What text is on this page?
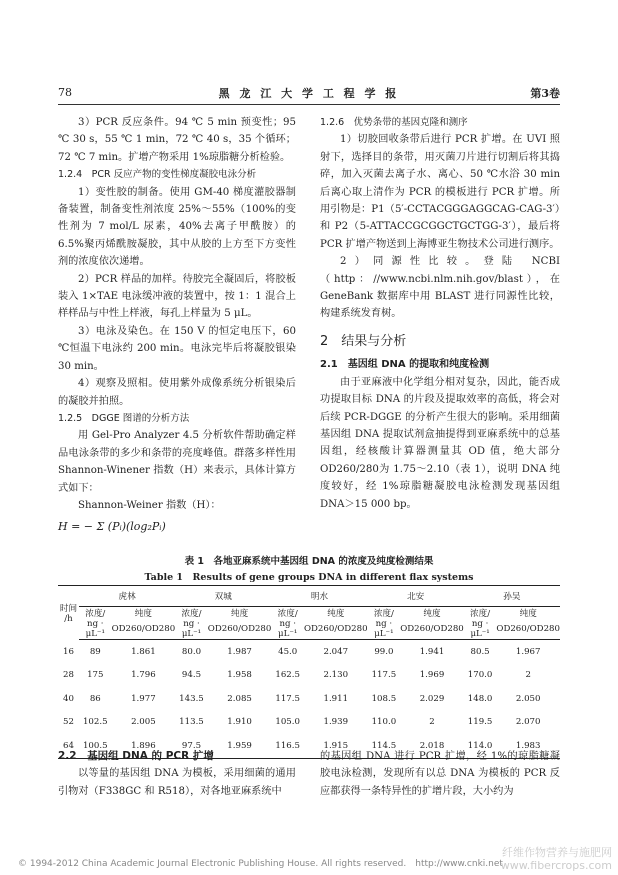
78	黑 龙 江 大 学 工 程 学 报	第3卷

3）PCR 反应条件。94 ℃ 5 min 预变性；95 ℃ 30 s，55 ℃ 1 min，72 ℃ 40 s，35 个循环；72 ℃ 7 min。扩增产物采用 1%琼脂糖分析检验。

1.2.4　PCR 反应产物的变性梯度凝胶电泳分析

1）变性胶的制备。使用 GM-40 梯度灌胶器制备装置，制备变性剂浓度 25%～55%（100%的变性剂为 7 mol/L 尿素，40%去离子甲酰胺）的 6.5%聚丙烯酰胺凝胶，其中从胶的上方至下方变性剂的浓度依次递增。

2）PCR 样品的加样。待胶完全凝固后，将胶板装入 1×TAE 电泳缓冲液的装置中，按 1：1 混合上样样品与中性上样液，每孔上样量为 5 μL。

3）电泳及染色。在 150 V 的恒定电压下，60 ℃恒温下电泳约 200 min。电泳完毕后将凝胶银染 30 min。

4）观察及照相。使用紫外成像系统分析银染后的凝胶并拍照。

1.2.5　DGGE 图谱的分析方法

用 Gel-Pro Analyzer 4.5 分析软件帮助确定样品电泳条带的多少和条带的亮度峰值。群落多样性用 Shannon-Winener 指数（H）来表示，具体计算方式如下：

Shannon-Weiner 指数（H）：

H = − Σ (Pᵢ)(log₂Pᵢ)

1.2.6　优势条带的基因克隆和测序

1）切胶回收条带后进行 PCR 扩增。在 UVI 照射下，选择目的条带，用灭菌刀片进行切割后将其捣碎，加入灭菌去离子水、离心、50 ℃水浴 30 min 后离心取上清作为 PCR 的模板进行 PCR 扩增。所用引物是：P1（5′-CCTACGGGAGGCAG-CAG-3′）和 P2（5-ATTACCGCGGCTGCTGG-3′），最后将 PCR 扩增产物送到上海博亚生物技术公司进行测序。

2）同源性比较。登陆 NCBI（http：//www.ncbi.nlm.nih.gov/blast），在 GeneBank 数据库中用 BLAST 进行同源性比较，构建系统发育树。

2　结果与分析

2.1　基因组 DNA 的提取和纯度检测

由于亚麻液中化学组分相对复杂，因此，能否成功提取目标 DNA 的片段及提取效率的高低，将会对后续 PCR-DGGE 的分析产生很大的影响。采用细菌基因组 DNA 提取试剂盒抽提得到亚麻系统中的总基因组，经核酸计算器测量其 OD 值，绝大部分 OD260/280为 1.75～2.10（表 1），说明 DNA 纯度较好，经 1%琼脂糖凝胶电泳检测发现基因组 DNA＞15 000 bp。

表 1　各地亚麻系统中基因组 DNA 的浓度及纯度检测结果
Table 1　Results of gene groups DNA in different flax systems
时间 /h	虎林		双城		明水		北安		孙吴	
	浓度/	纯度	浓度/	纯度	浓度/	纯度	浓度/	纯度	浓度/	纯度
	ng · μL⁻¹	OD260/OD280	ng · μL⁻¹	OD260/OD280	ng · μL⁻¹	OD260/OD280	ng · μL⁻¹	OD260/OD280	ng · μL⁻¹	OD260/OD280
16	89	1.861	80.0	1.987	45.0	2.047	99.0	1.941	80.5	1.967
28	175	1.796	94.5	1.958	162.5	2.130	117.5	1.969	170.0	2
40	86	1.977	143.5	2.085	117.5	1.911	108.5	2.029	148.0	2.050
52	102.5	2.005	113.5	1.910	105.0	1.939	110.0	2	119.5	2.070
64	100.5	1.896	97.5	1.959	116.5	1.915	114.5	2.018	114.0	1.983

2.2　基因组 DNA 的 PCR 扩增

以等量的基因组 DNA 为模板，采用细菌的通用引物对（F338GC 和 R518），对各地亚麻系统中

的基因组 DNA 进行 PCR 扩增，经 1%的琼脂糖凝胶电泳检测，发现所有以总 DNA 为模板的 PCR 反应都获得一条特异性的扩增片段，大小约为

© 1994-2012 China Academic Journal Electronic Publishing House. All rights reserved.　http://www.cnki.net
纤维作物营养与施肥网
www.fibercrops.com
